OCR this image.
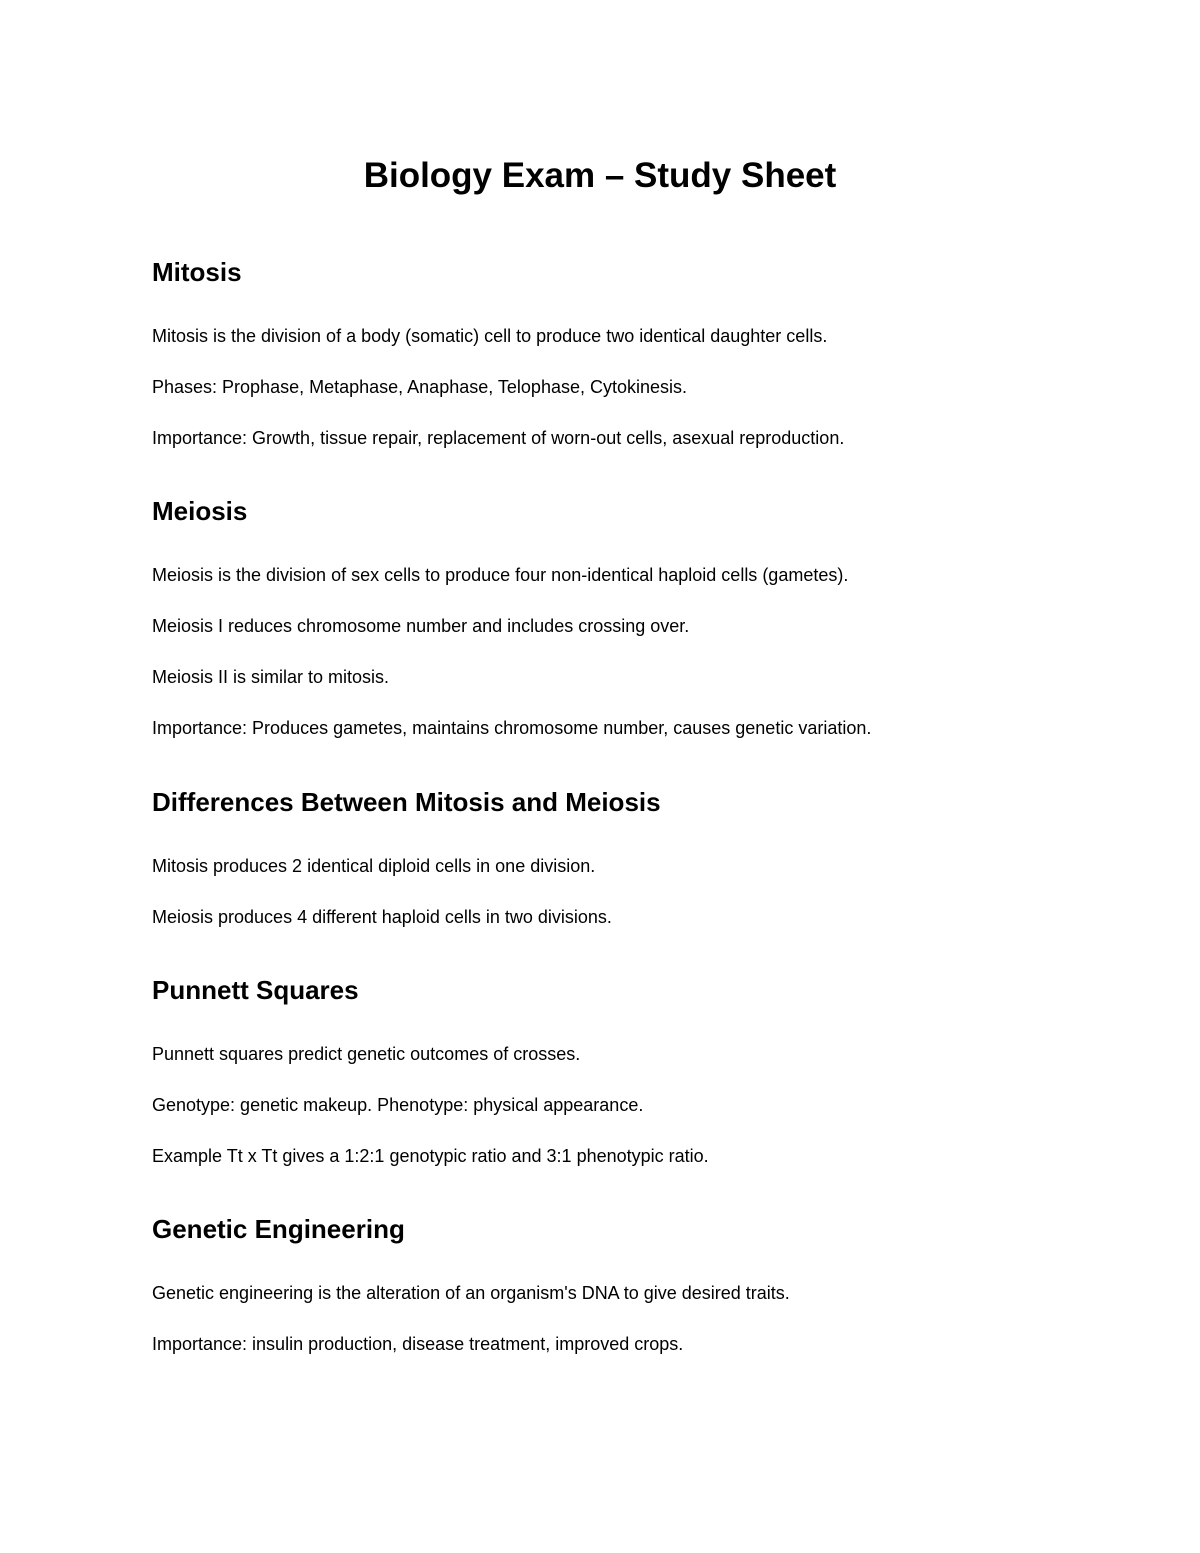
Biology Exam – Study Sheet
Mitosis

Mitosis is the division of a body (somatic) cell to produce two identical daughter cells.

Phases: Prophase, Metaphase, Anaphase, Telophase, Cytokinesis.

Importance: Growth, tissue repair, replacement of worn-out cells, asexual reproduction.

Meiosis

Meiosis is the division of sex cells to produce four non-identical haploid cells (gametes).

Meiosis I reduces chromosome number and includes crossing over.

Meiosis II is similar to mitosis.

Importance: Produces gametes, maintains chromosome number, causes genetic variation.

Differences Between Mitosis and Meiosis

Mitosis produces 2 identical diploid cells in one division.

Meiosis produces 4 different haploid cells in two divisions.

Punnett Squares

Punnett squares predict genetic outcomes of crosses.

Genotype: genetic makeup. Phenotype: physical appearance.

Example Tt x Tt gives a 1:2:1 genotypic ratio and 3:1 phenotypic ratio.

Genetic Engineering

Genetic engineering is the alteration of an organism's DNA to give desired traits.

Importance: insulin production, disease treatment, improved crops.
